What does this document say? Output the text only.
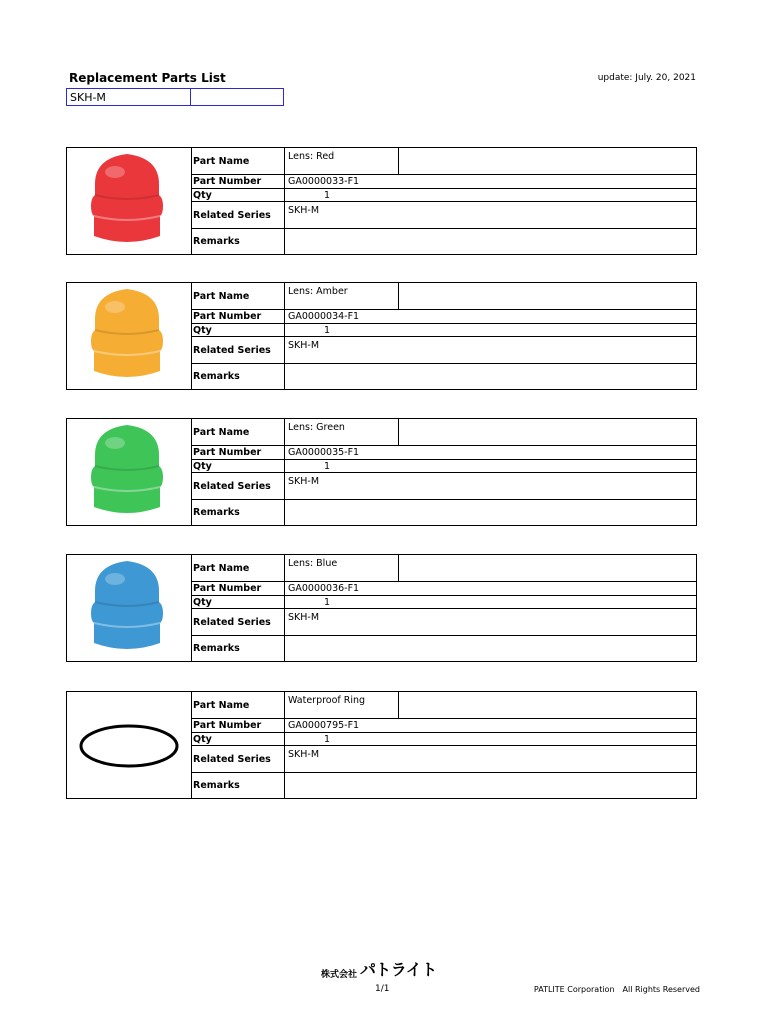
Replacement Parts List	update: July. 20, 2021
SKH-M
Part Name	Lens: Red
Part Number	GA0000033-F1
Qty	1
Related Series	SKH-M
Remarks
Part Name	Lens: Amber
Part Number	GA0000034-F1
Qty	1
Related Series	SKH-M
Remarks
Part Name	Lens: Green
Part Number	GA0000035-F1
Qty	1
Related Series	SKH-M
Remarks
Part Name	Lens: Blue
Part Number	GA0000036-F1
Qty	1
Related Series	SKH-M
Remarks
Part Name	Waterproof Ring
Part Number	GA0000795-F1
Qty	1
Related Series	SKH-M
Remarks
株式会社 パトライト
1/1	PATLITE Corporation　All Rights Reserved
